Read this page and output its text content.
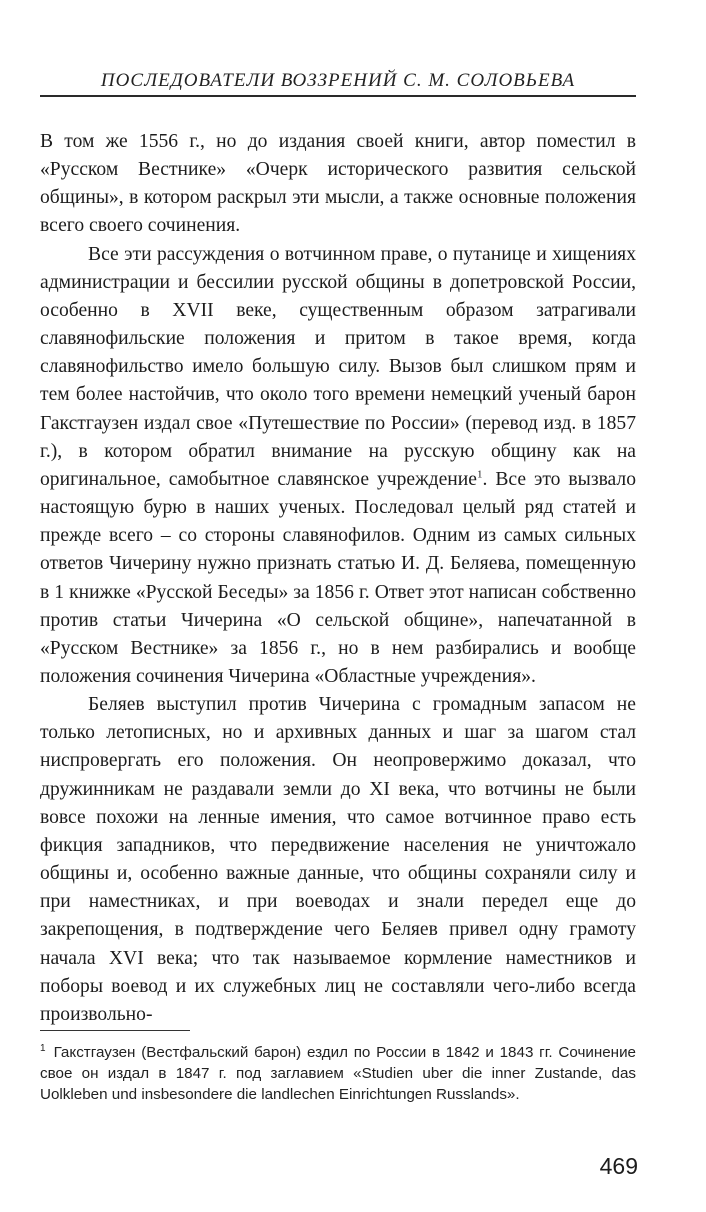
ПОСЛЕДОВАТЕЛИ ВОЗЗРЕНИЙ С. М. СОЛОВЬЕВА

В том же 1556 г., но до издания своей книги, автор поместил в «Русском Вестнике» «Очерк исторического развития сельской общины», в котором раскрыл эти мысли, а также основные положения всего своего сочинения.

Все эти рассуждения о вотчинном праве, о путанице и хищениях администрации и бессилии русской общины в допетровской России, особенно в XVII веке, существенным образом затрагивали славянофильские положения и притом в такое время, когда славянофильство имело большую силу. Вызов был слишком прям и тем более настойчив, что около того времени немецкий ученый барон Гакстгаузен издал свое «Путешествие по России» (перевод изд. в 1857 г.), в котором обратил внимание на русскую общину как на оригинальное, самобытное славянское учреждение$^1$. Все это вызвало настоящую бурю в наших ученых. Последовал целый ряд статей и прежде всего – со стороны славянофилов. Одним из самых сильных ответов Чичерину нужно признать статью И. Д. Беляева, помещенную в 1 книжке «Русской Беседы» за 1856 г. Ответ этот написан собственно против статьи Чичерина «О сельской общине», напечатанной в «Русском Вестнике» за 1856 г., но в нем разбирались и вообще положения сочинения Чичерина «Областные учреждения».

Беляев выступил против Чичерина с громадным запасом не только летописных, но и архивных данных и шаг за шагом стал ниспровергать его положения. Он неопровержимо доказал, что дружинникам не раздавали земли до XI века, что вотчины не были вовсе похожи на ленные имения, что самое вотчинное право есть фикция западников, что передвижение населения не уничтожало общины и, особенно важные данные, что общины сохраняли силу и при наместниках, и при воеводах и знали передел еще до закрепощения, в подтверждение чего Беляев привел одну грамоту начала XVI века; что так называемое кормление наместников и поборы воевод и их служебных лиц не составляли чего-либо всегда произвольно-

$^1$ Гакстгаузен (Вестфальский барон) ездил по России в 1842 и 1843 гг. Сочинение свое он издал в 1847 г. под заглавием «Studien uber die inner Zustande, das Uolkleben und insbesondere die landlechen Einrichtungen Russlands».
469
